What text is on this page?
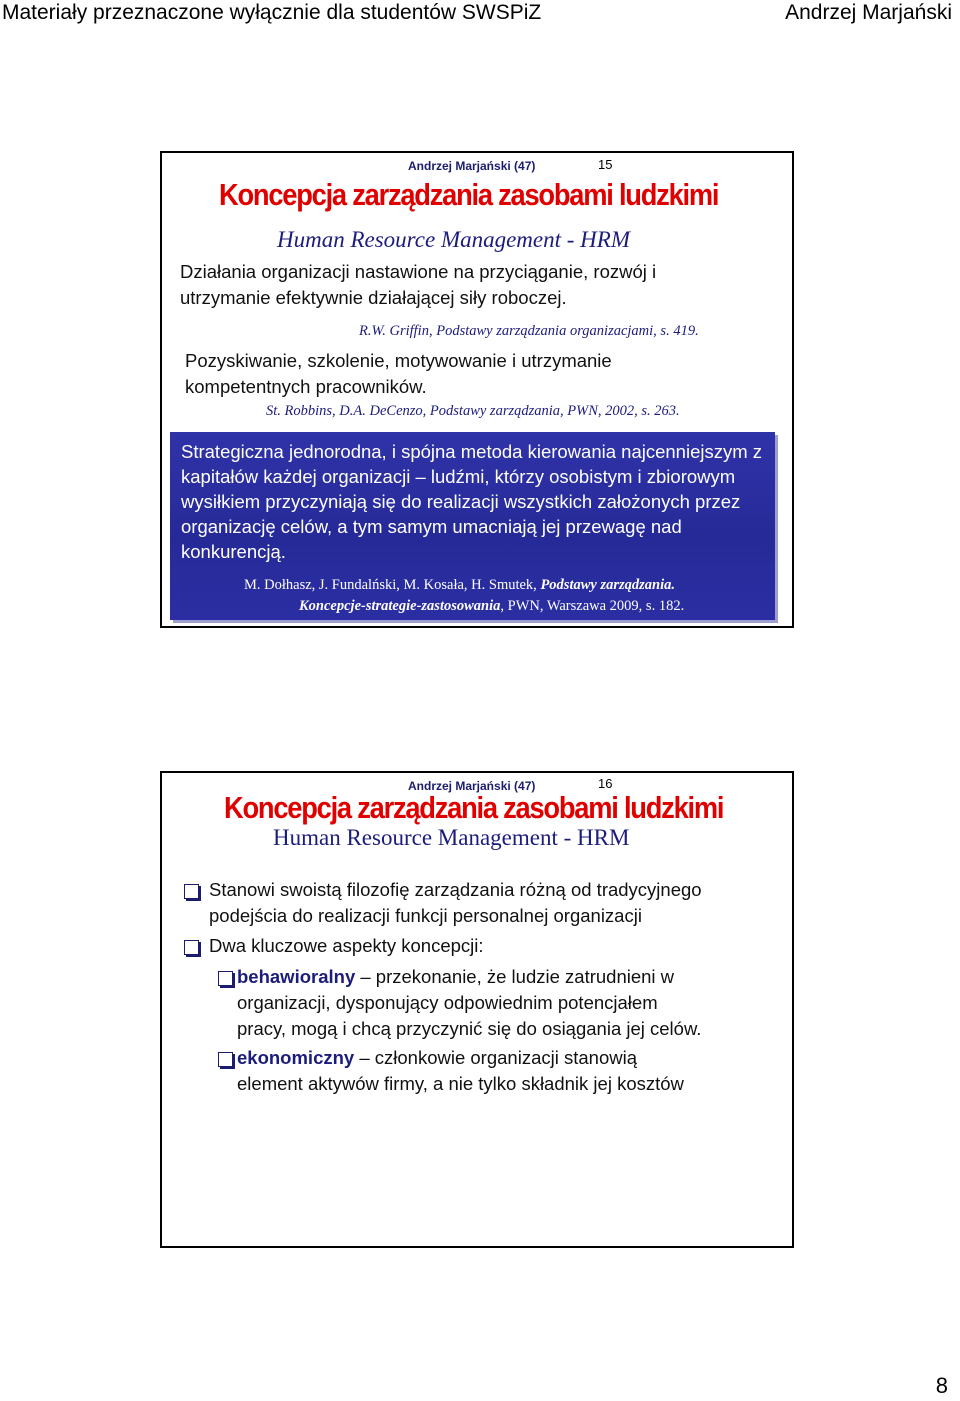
Materiały przeznaczone wyłącznie dla studentów SWSPiZ	Andrzej Marjański
Andrzej Marjański (47)	15
Koncepcja zarządzania zasobami ludzkimi
Human Resource Management - HRM
Działania organizacji nastawione na przyciąganie, rozwój i
utrzymanie efektywnie działającej siły roboczej.
R.W. Griffin, Podstawy zarządzania organizacjami, s. 419.
Pozyskiwanie, szkolenie, motywowanie i utrzymanie
kompetentnych pracowników.
St. Robbins, D.A. DeCenzo, Podstawy zarządzania, PWN, 2002, s. 263.
Strategiczna jednorodna, i spójna metoda kierowania najcenniejszym z kapitałów każdej organizacji – ludźmi, którzy osobistym i zbiorowym wysiłkiem przyczyniają się do realizacji wszystkich założonych przez organizację celów, a tym samym umacniają jej przewagę nad konkurencją.
M. Dołhasz, J. Fundalński, M. Kosała, H. Smutek, Podstawy zarządzania.
Koncepcje-strategie-zastosowania, PWN, Warszawa 2009, s. 182.
Andrzej Marjański (47)	16
Koncepcja zarządzania zasobami ludzkimi
Human Resource Management - HRM
Stanowi swoistą filozofię zarządzania różną od tradycyjnego
podejścia do realizacji funkcji personalnej organizacji
Dwa kluczowe aspekty koncepcji:
behawioralny – przekonanie, że ludzie zatrudnieni w
organizacji, dysponujący odpowiednim potencjałem
pracy, mogą i chcą przyczynić się do osiągania jej celów.
ekonomiczny – członkowie organizacji stanowią
element aktywów firmy, a nie tylko składnik jej kosztów
8
